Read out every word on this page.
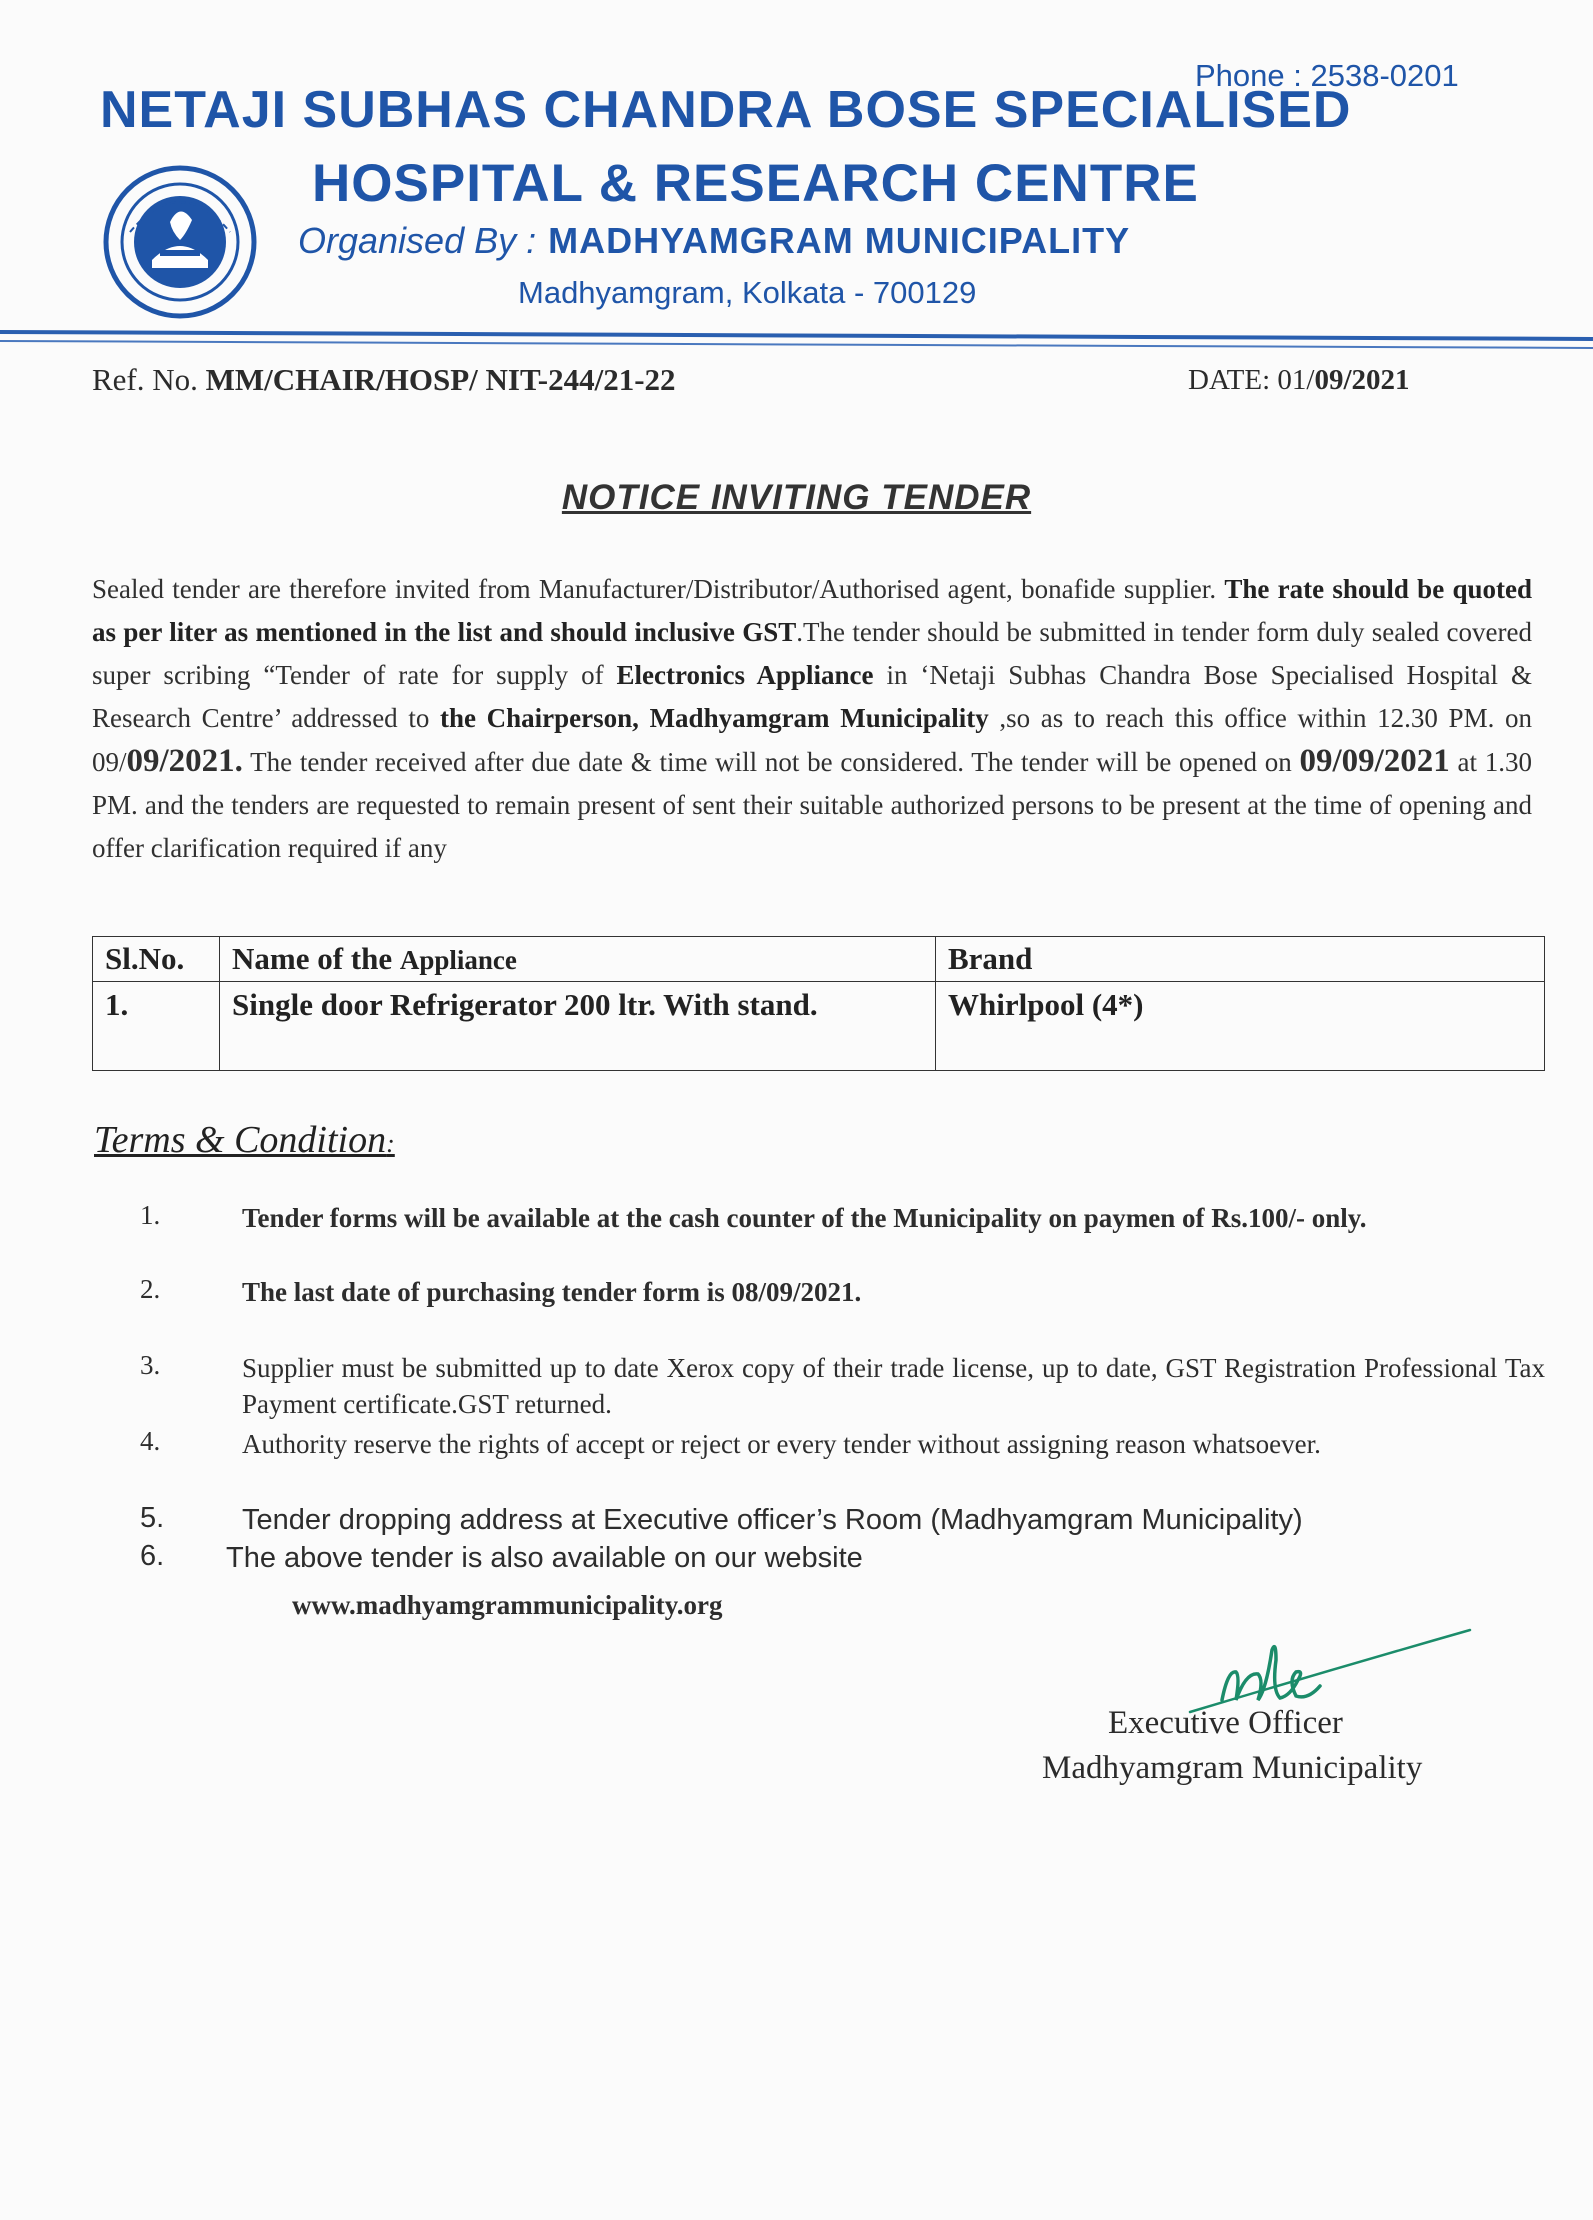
Phone : 2538-0201
NETAJI SUBHAS CHANDRA BOSE SPECIALISED
HOSPITAL & RESEARCH CENTRE
Organised By : MADHYAMGRAM MUNICIPALITY
Madhyamgram, Kolkata - 700129
Ref. No. MM/CHAIR/HOSP/ NIT-244/21-22	DATE: 01/09/2021
NOTICE INVITING TENDER
Sealed tender are therefore invited from Manufacturer/Distributor/Authorised agent, bonafide supplier. The rate should be quoted as per liter as mentioned in the list and should inclusive GST.The tender should be submitted in tender form duly sealed covered super scribing “Tender of rate for supply of Electronics Appliance in ‘Netaji Subhas Chandra Bose Specialised Hospital & Research Centre’ addressed to the Chairperson, Madhyamgram Municipality ,so as to reach this office within 12.30 PM. on 09/09/2021. The tender received after due date & time will not be considered. The tender will be opened on 09/09/2021 at 1.30 PM. and the tenders are requested to remain present of sent their suitable authorized persons to be present at the time of opening and offer clarification required if any
Sl.No.	Name of the Appliance	Brand
1.	Single door Refrigerator 200 ltr. With stand.	Whirlpool (4*)
Terms & Condition:
1.	Tender forms will be available at the cash counter of the Municipality on paymen of Rs.100/- only.
2.	The last date of purchasing tender form is 08/09/2021.
3.	Supplier must be submitted up to date Xerox copy of their trade license, up to date, GST Registration Professional Tax Payment certificate.GST returned.
4.	Authority reserve the rights of accept or reject or every tender without assigning reason whatsoever.
5.	Tender dropping address at Executive officer’s Room (Madhyamgram Municipality)
6. The above tender is also available on our website
www.madhyamgrammunicipality.org
Executive Officer
Madhyamgram Municipality
